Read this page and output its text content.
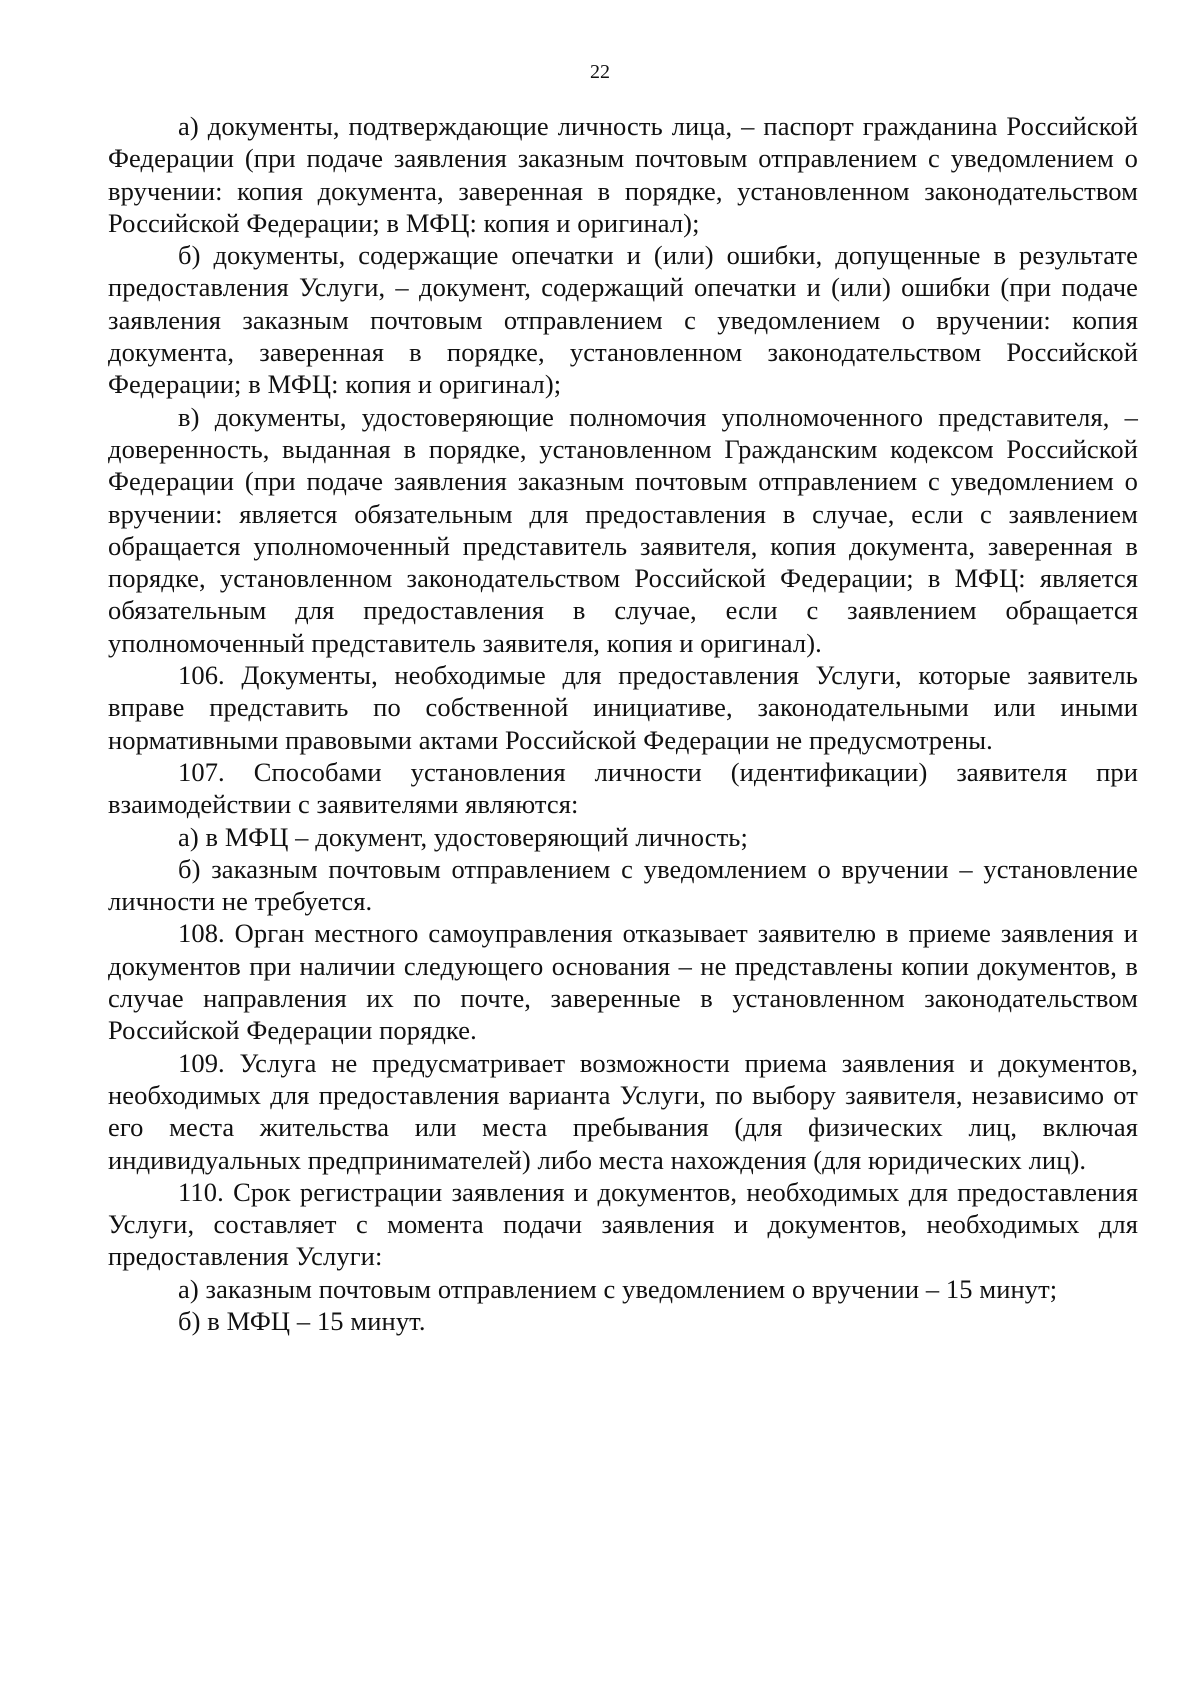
22

а) документы, подтверждающие личность лица, – паспорт гражданина Российской Федерации (при подаче заявления заказным почтовым отправлением с уведомлением о вручении: копия документа, заверенная в порядке, установленном законодательством Российской Федерации; в МФЦ: копия и оригинал);

б) документы, содержащие опечатки и (или) ошибки, допущенные в результате предоставления Услуги, – документ, содержащий опечатки и (или) ошибки (при подаче заявления заказным почтовым отправлением с уведомлением о вручении: копия документа, заверенная в порядке, установленном законодательством Российской Федерации; в МФЦ: копия и оригинал);

в) документы, удостоверяющие полномочия уполномоченного представителя, – доверенность, выданная в порядке, установленном Гражданским кодексом Российской Федерации (при подаче заявления заказным почтовым отправлением с уведомлением о вручении: является обязательным для предоставления в случае, если с заявлением обращается уполномоченный представитель заявителя, копия документа, заверенная в порядке, установленном законодательством Российской Федерации; в МФЦ: является обязательным для предоставления в случае, если с заявлением обращается уполномоченный представитель заявителя, копия и оригинал).

106. Документы, необходимые для предоставления Услуги, которые заявитель вправе представить по собственной инициативе, законодательными или иными нормативными правовыми актами Российской Федерации не предусмотрены.

107. Способами установления личности (идентификации) заявителя при взаимодействии с заявителями являются:

а) в МФЦ – документ, удостоверяющий личность;

б) заказным почтовым отправлением с уведомлением о вручении – установление личности не требуется.

108. Орган местного самоуправления отказывает заявителю в приеме заявления и документов при наличии следующего основания – не представлены копии документов, в случае направления их по почте, заверенные в установленном законодательством Российской Федерации порядке.

109. Услуга не предусматривает возможности приема заявления и документов, необходимых для предоставления варианта Услуги, по выбору заявителя, независимо от его места жительства или места пребывания (для физических лиц, включая индивидуальных предпринимателей) либо места нахождения (для юридических лиц).

110. Срок регистрации заявления и документов, необходимых для предоставления Услуги, составляет с момента подачи заявления и документов, необходимых для предоставления Услуги:

а) заказным почтовым отправлением с уведомлением о вручении – 15 минут;

б) в МФЦ – 15 минут.
